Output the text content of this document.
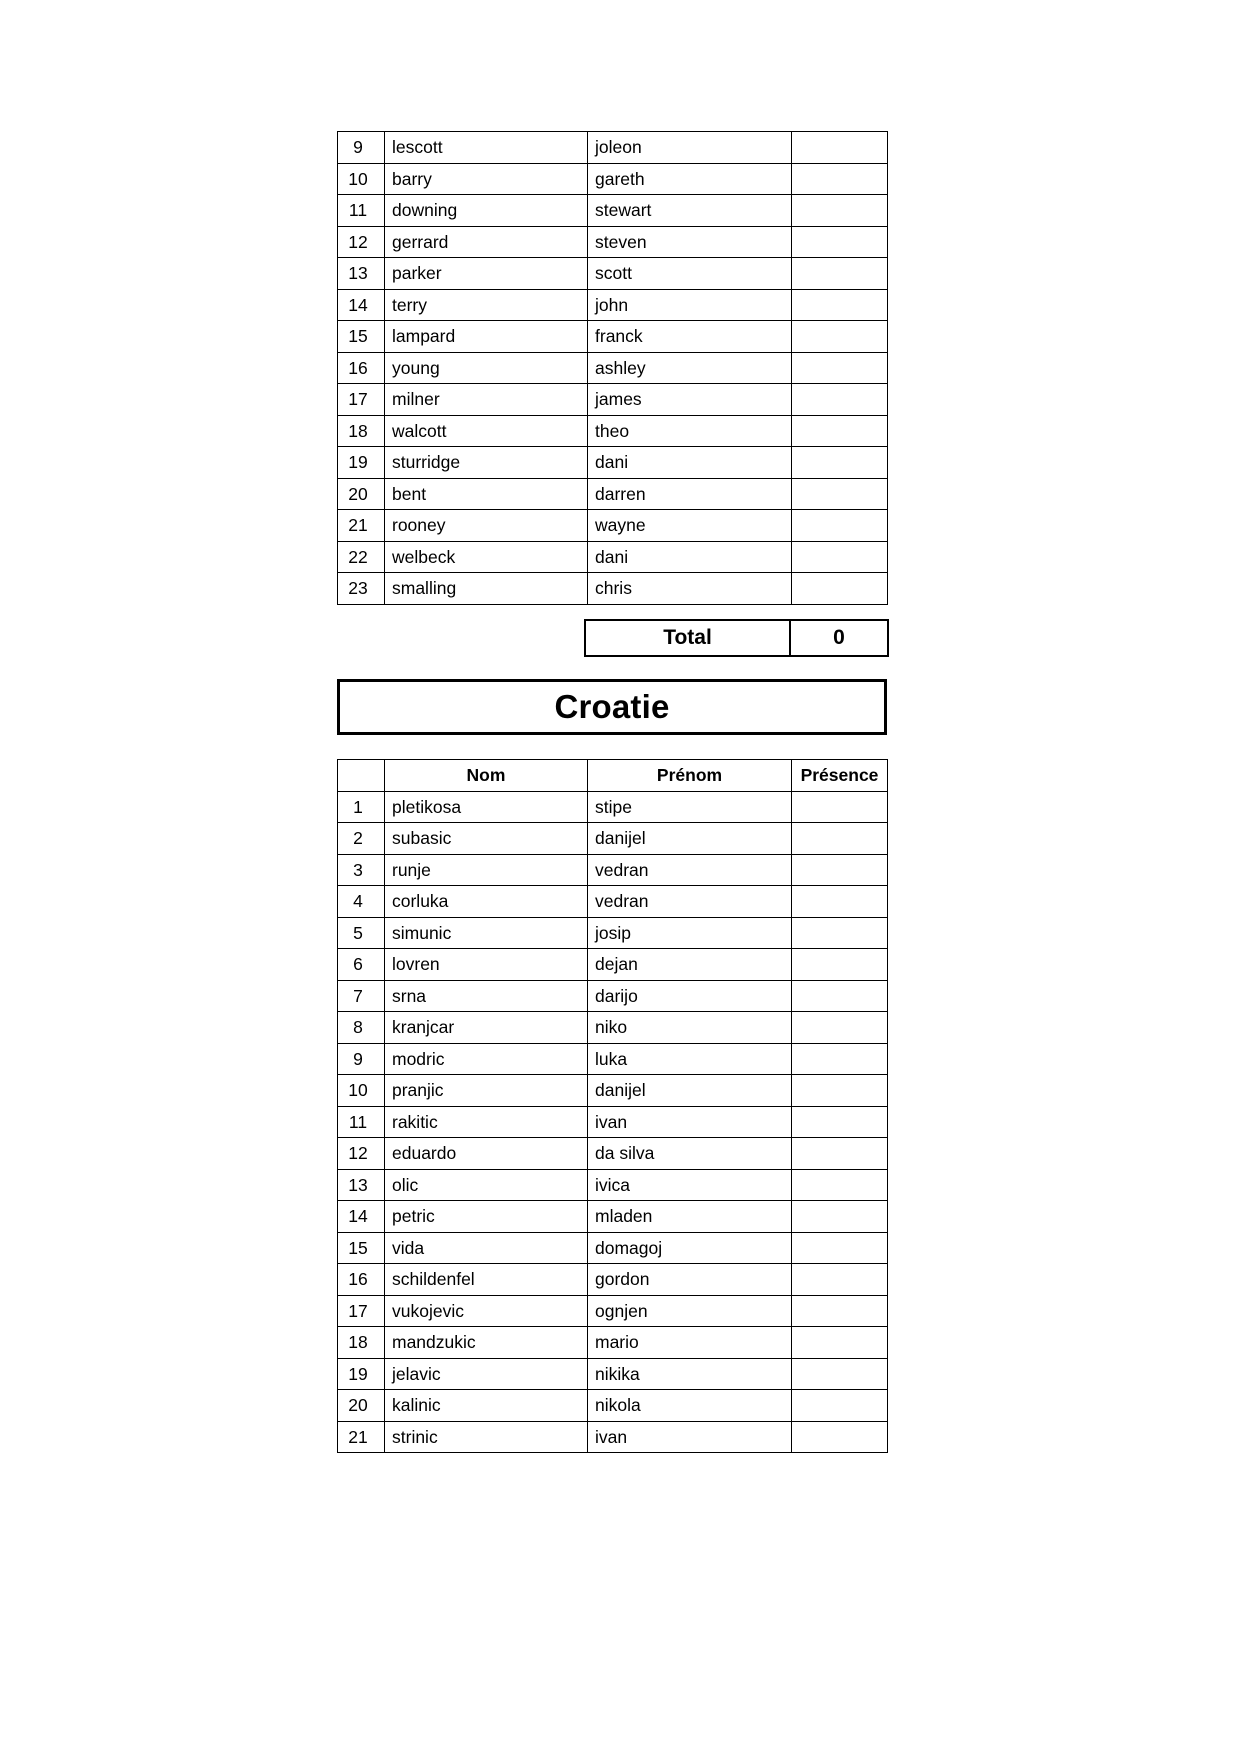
9	lescott	joleon	
10	barry	gareth	
11	downing	stewart	
12	gerrard	steven	
13	parker	scott	
14	terry	john	
15	lampard	franck	
16	young	ashley	
17	milner	james	
18	walcott	theo	
19	sturridge	dani	
20	bent	darren	
21	rooney	wayne	
22	welbeck	dani	
23	smalling	chris	
Total	0
Croatie
	Nom	Prénom	Présence
1	pletikosa	stipe	
2	subasic	danijel	
3	runje	vedran	
4	corluka	vedran	
5	simunic	josip	
6	lovren	dejan	
7	srna	darijo	
8	kranjcar	niko	
9	modric	luka	
10	pranjic	danijel	
11	rakitic	ivan	
12	eduardo	da silva	
13	olic	ivica	
14	petric	mladen	
15	vida	domagoj	
16	schildenfel	gordon	
17	vukojevic	ognjen	
18	mandzukic	mario	
19	jelavic	nikika	
20	kalinic	nikola	
21	strinic	ivan	
